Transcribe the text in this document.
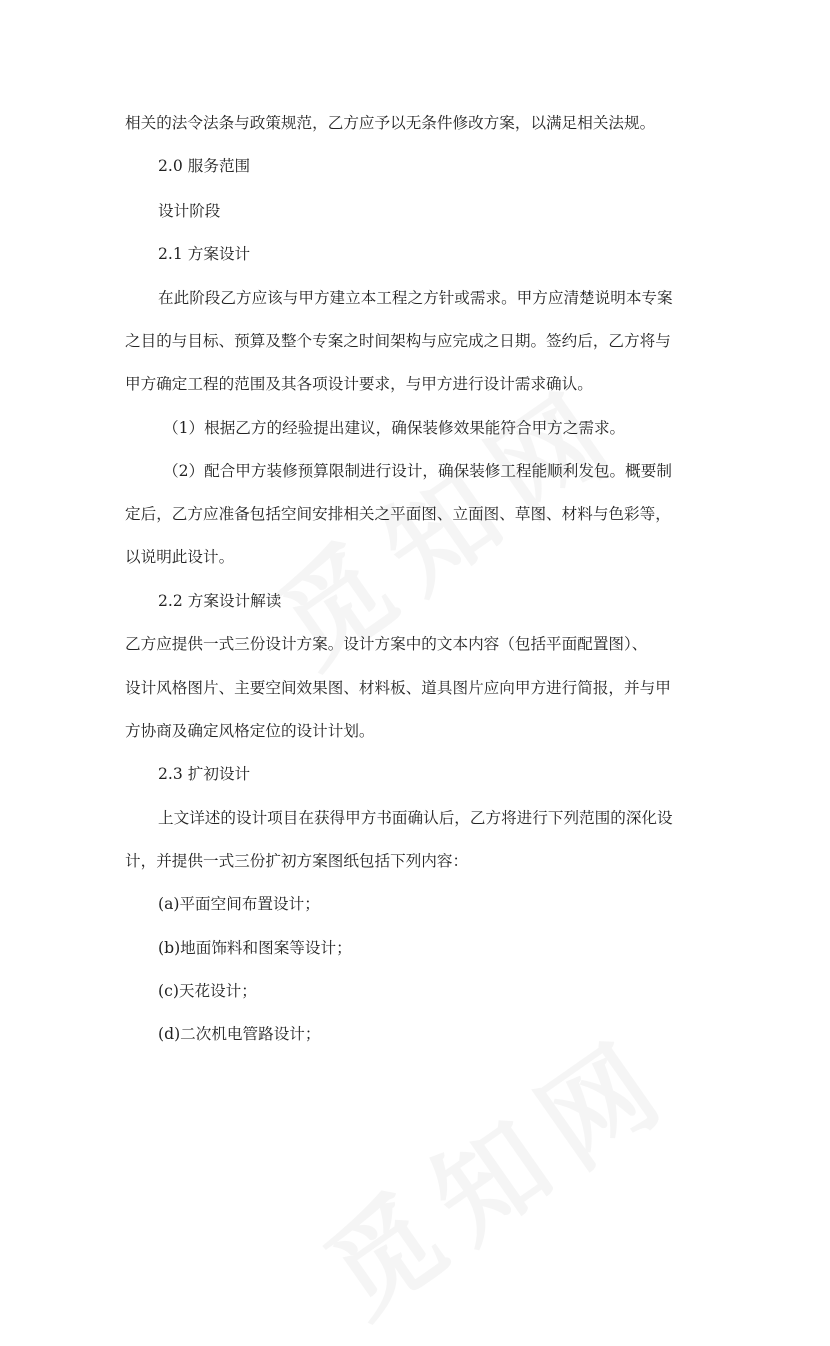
相关的法令法条与政策规范，乙方应予以无条件修改方案，以满足相关法规。

2.0 服务范围

设计阶段

2.1 方案设计

在此阶段乙方应该与甲方建立本工程之方针或需求。甲方应清楚说明本专案

之目的与目标、预算及整个专案之时间架构与应完成之日期。签约后，乙方将与

甲方确定工程的范围及其各项设计要求，与甲方进行设计需求确认。

（1）根据乙方的经验提出建议，确保装修效果能符合甲方之需求。

（2）配合甲方装修预算限制进行设计，确保装修工程能顺利发包。概要制

定后，乙方应准备包括空间安排相关之平面图、立面图、草图、材料与色彩等，

以说明此设计。

2.2 方案设计解读

乙方应提供一式三份设计方案。设计方案中的文本内容（包括平面配置图）、

设计风格图片、主要空间效果图、材料板、道具图片应向甲方进行简报，并与甲

方协商及确定风格定位的设计计划。

2.3 扩初设计

上文详述的设计项目在获得甲方书面确认后，乙方将进行下列范围的深化设

计，并提供一式三份扩初方案图纸包括下列内容：

(a)平面空间布置设计；

(b)地面饰料和图案等设计；

(c)天花设计；

(d)二次机电管路设计；
